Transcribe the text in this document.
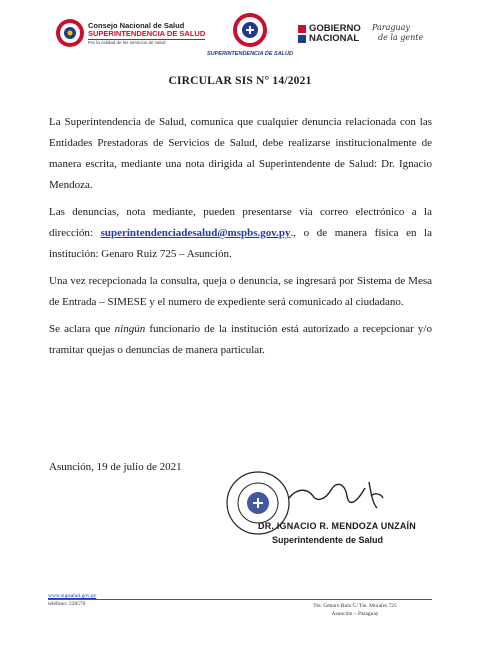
Consejo Nacional de Salud
SUPERINTENDENCIA DE SALUD
Por la calidad de los servicios de salud
SUPERINTENDENCIA DE SALUD
GOBIERNO
NACIONAL
Paraguay
de la gente
CIRCULAR SIS N° 14/2021

La Superintendencia de Salud, comunica que cualquier denuncia relacionada con las Entidades Prestadoras de Servicios de Salud, debe realizarse institucionalmente de manera escrita, mediante una nota dirigida al Superintendente de Salud: Dr. Ignacio Mendoza.

Las denuncias, nota mediante, pueden presentarse vía correo electrónico a la dirección: superintendenciadesalud@mspbs.gov.py., o de manera física en la institución: Genaro Ruiz 725 – Asunción.

Una vez recepcionada la consulta, queja o denuncia, se ingresará por Sistema de Mesa de Entrada – SIMESE y el numero de expediente será comunicado al ciudadano.

Se aclara que ningún funcionario de la institución está autorizado a recepcionar y/o tramitar quejas o denuncias de manera particular.

Asunción, 19 de julio de 2021
DR. IGNACIO R. MENDOZA UNZAÍN
Superintendente de Salud
www.supsalud.gov.py
teléfono: 228570	Tte. Genaro Ruiz C/ Tte. Morales 725
Asunción – Paraguay
